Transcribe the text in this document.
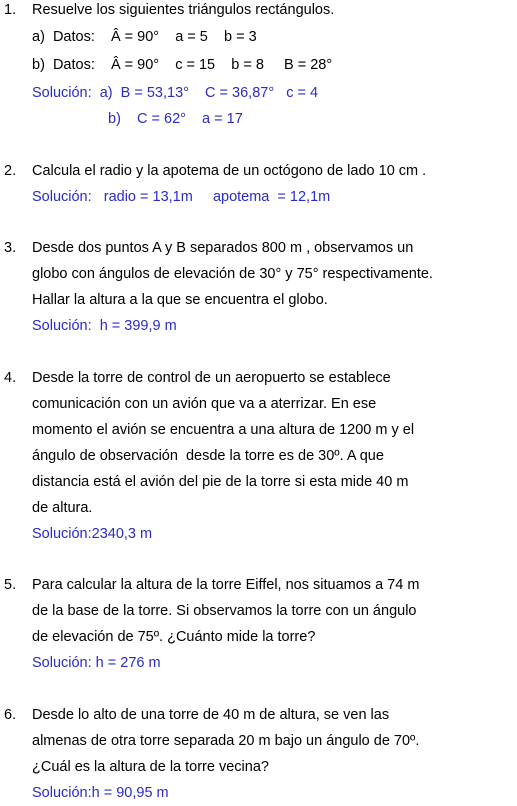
1. Resuelve los siguientes triángulos rectángulos.
a)  Datos:    Â = 90°    a = 5    b = 3
b)  Datos:    Â = 90°    c = 15    b = 8     B = 28°
Solución:  a)  B = 53,13°    C = 36,87°   c = 4
b)    C = 62°    a = 17
2. Calcula el radio y la apotema de un octógono de lado 10 cm .
Solución:   radio = 13,1m     apotema  = 12,1m
3. Desde dos puntos A y B separados 800 m , observamos un
globo con ángulos de elevación de 30° y 75° respectivamente.
Hallar la altura a la que se encuentra el globo.
Solución:  h = 399,9 m
4. Desde la torre de control de un aeropuerto se establece
comunicación con un avión que va a aterrizar. En ese
momento el avión se encuentra a una altura de 1200 m y el
ángulo de observación  desde la torre es de 30º. A que
distancia está el avión del pie de la torre si esta mide 40 m
de altura.
Solución:2340,3 m
5. Para calcular la altura de la torre Eiffel, nos situamos a 74 m
de la base de la torre. Si observamos la torre con un ángulo
de elevación de 75º. ¿Cuánto mide la torre?
Solución: h = 276 m
6. Desde lo alto de una torre de 40 m de altura, se ven las
almenas de otra torre separada 20 m bajo un ángulo de 70º.
¿Cuál es la altura de la torre vecina?
Solución:h = 90,95 m
